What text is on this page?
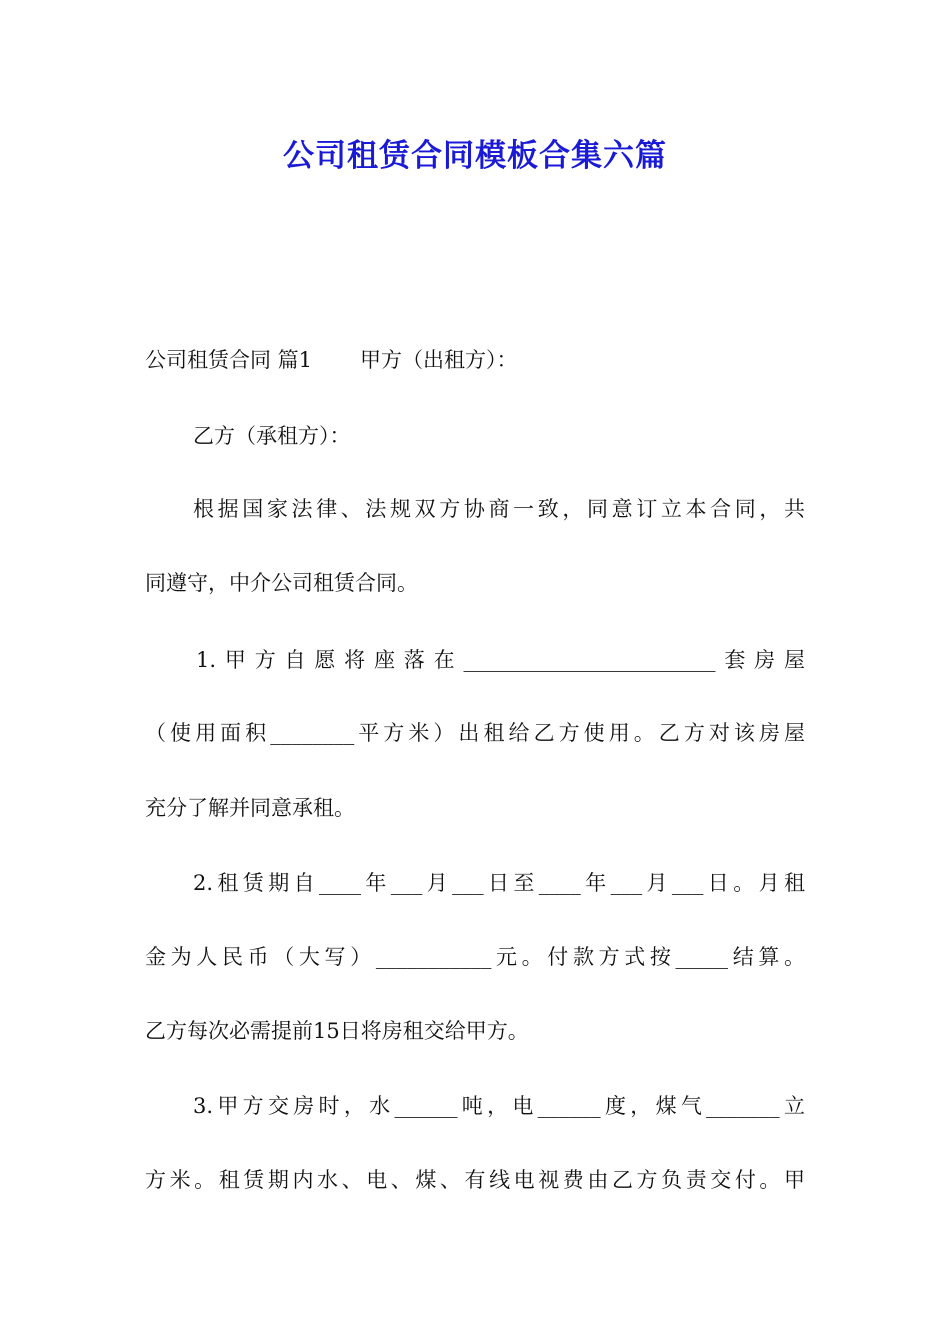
公司租赁合同模板合集六篇
公司租赁合同 篇1 甲方（出租方）：
乙方（承租方）：
根据国家法律、法规双方协商一致，同意订立本合同，共
同遵守，中介公司租赁合同。
1.甲方自愿将座落在________________________套房屋
（使用面积________平方米）出租给乙方使用。乙方对该房屋
充分了解并同意承租。
2.租赁期自____年___月___日至____年___月___日。月租
金为人民币（大写）___________元。付款方式按_____结算。
乙方每次必需提前15日将房租交给甲方。
3.甲方交房时，水______吨，电______度，煤气_______立
方米。租赁期内水、电、煤、有线电视费由乙方负责交付。甲
